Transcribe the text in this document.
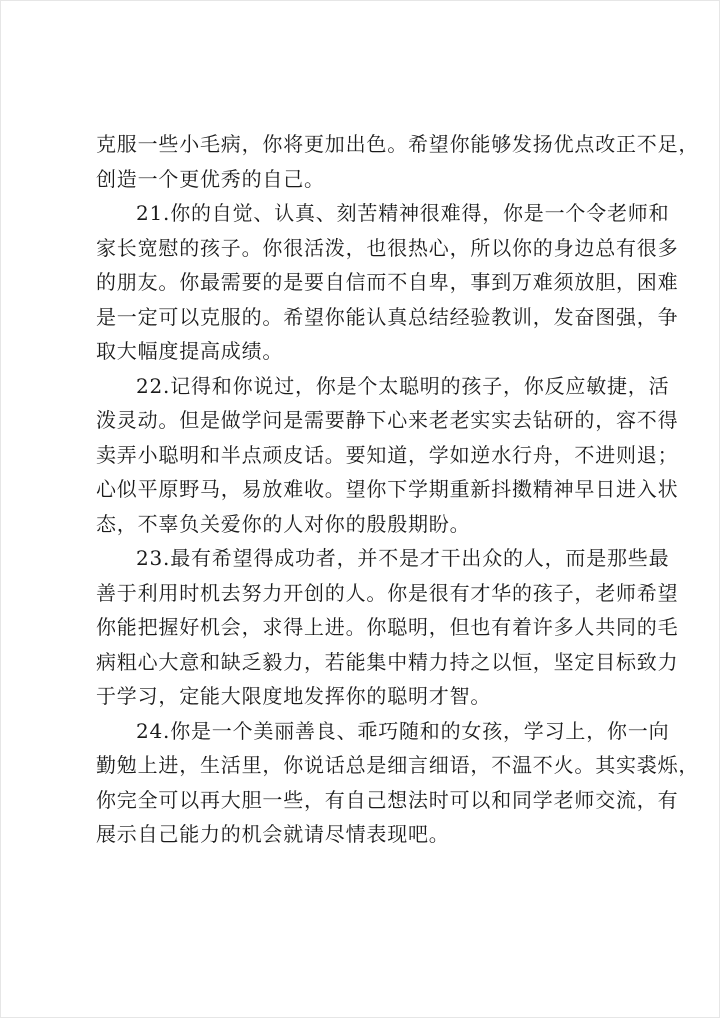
克服一些小毛病，你将更加出色。希望你能够发扬优点改正不足，
创造一个更优秀的自己。

21.你的自觉、认真、刻苦精神很难得，你是一个令老师和
家长宽慰的孩子。你很活泼，也很热心，所以你的身边总有很多
的朋友。你最需要的是要自信而不自卑，事到万难须放胆，困难
是一定可以克服的。希望你能认真总结经验教训，发奋图强，争
取大幅度提高成绩。

22.记得和你说过，你是个太聪明的孩子，你反应敏捷，活
泼灵动。但是做学问是需要静下心来老老实实去钻研的，容不得
卖弄小聪明和半点顽皮话。要知道，学如逆水行舟，不进则退；
心似平原野马，易放难收。望你下学期重新抖擞精神早日进入状
态，不辜负关爱你的人对你的殷殷期盼。

23.最有希望得成功者，并不是才干出众的人，而是那些最
善于利用时机去努力开创的人。你是很有才华的孩子，老师希望
你能把握好机会，求得上进。你聪明，但也有着许多人共同的毛
病粗心大意和缺乏毅力，若能集中精力持之以恒，坚定目标致力
于学习，定能大限度地发挥你的聪明才智。

24.你是一个美丽善良、乖巧随和的女孩，学习上，你一向
勤勉上进，生活里，你说话总是细言细语，不温不火。其实裘烁，
你完全可以再大胆一些，有自己想法时可以和同学老师交流，有
展示自己能力的机会就请尽情表现吧。
